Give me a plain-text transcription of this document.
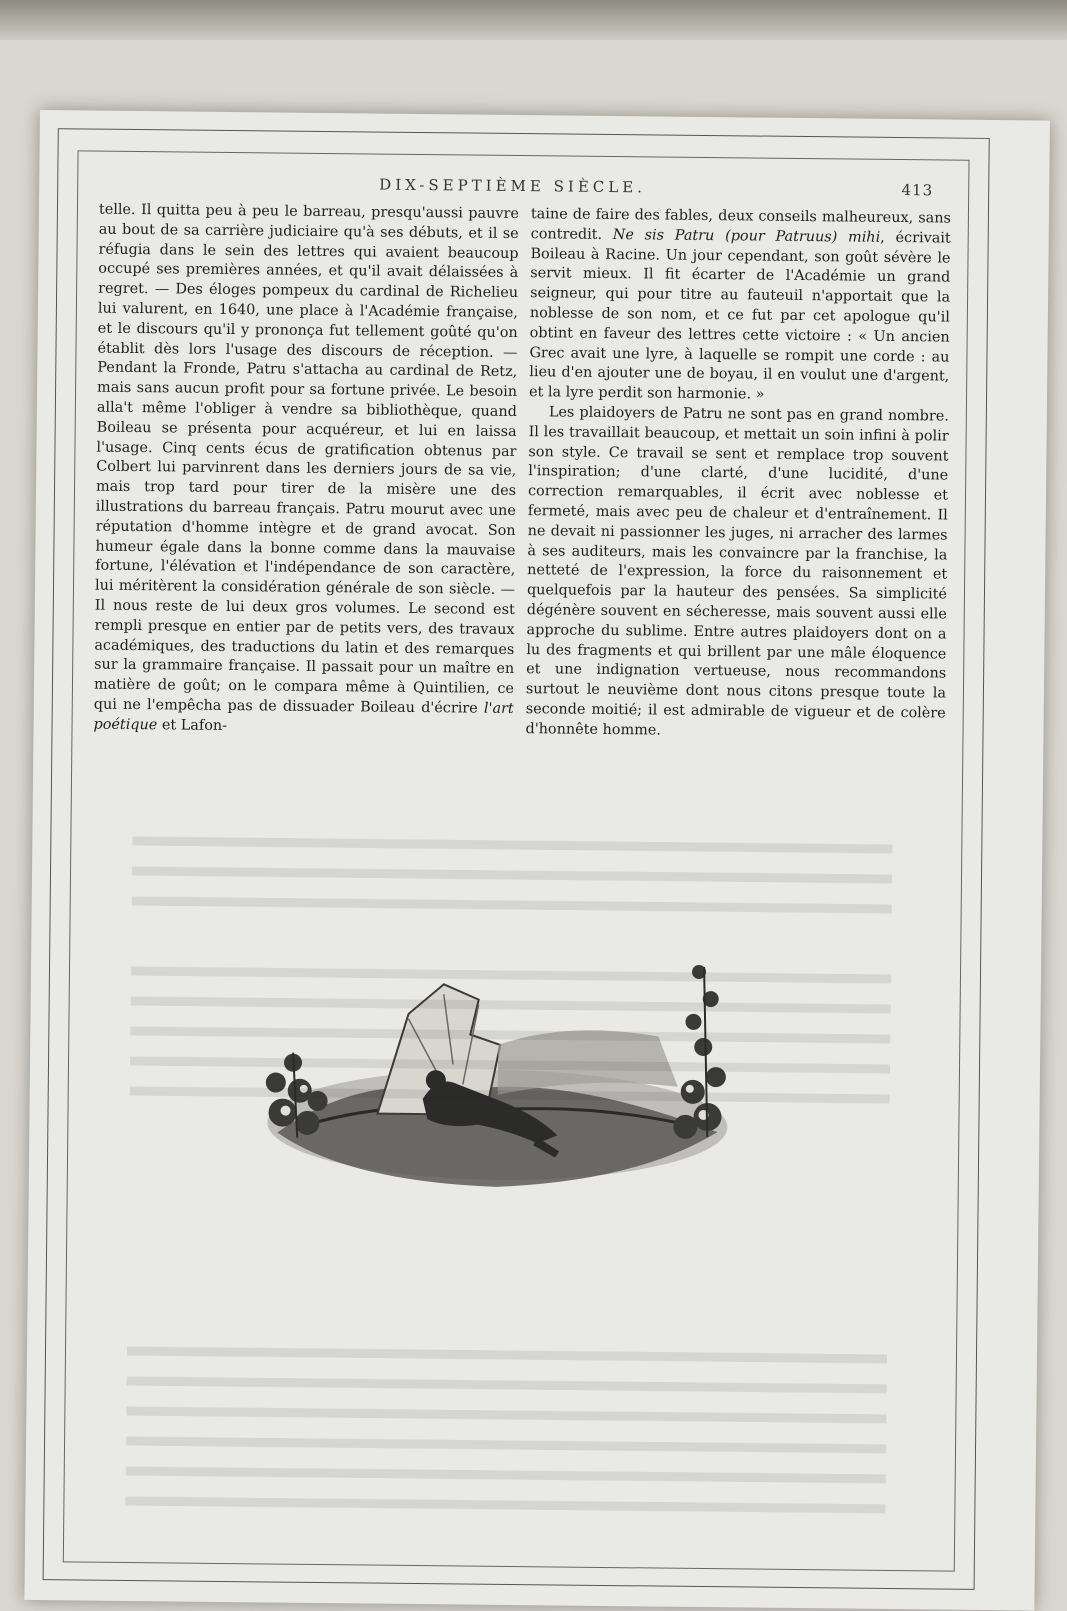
DIX-SEPTIÈME SIÈCLE.	413

telle. Il quitta peu à peu le barreau, presqu'aussi pauvre au bout de sa carrière judiciaire qu'à ses débuts, et il se réfugia dans le sein des lettres qui avaient beaucoup occupé ses premières années, et qu'il avait délaissées à regret. — Des éloges pompeux du cardinal de Richelieu lui valurent, en 1640, une place à l'Académie française, et le discours qu'il y prononça fut tellement goûté qu'on établit dès lors l'usage des discours de réception. — Pendant la Fronde, Patru s'attacha au cardinal de Retz, mais sans aucun profit pour sa fortune privée. Le besoin alla't même l'obliger à vendre sa bibliothèque, quand Boileau se présenta pour acquéreur, et lui en laissa l'usage. Cinq cents écus de gratification obtenus par Colbert lui parvinrent dans les derniers jours de sa vie, mais trop tard pour tirer de la misère une des illustrations du barreau français. Patru mourut avec une réputation d'homme intègre et de grand avocat. Son humeur égale dans la bonne comme dans la mauvaise fortune, l'élévation et l'indépendance de son caractère, lui méritèrent la considération générale de son siècle. — Il nous reste de lui deux gros volumes. Le second est rempli presque en entier par de petits vers, des travaux académiques, des traductions du latin et des remarques sur la grammaire française. Il passait pour un maître en matière de goût; on le compara même à Quintilien, ce qui ne l'empêcha pas de dissuader Boileau d'écrire l'art poétique et Lafon-

taine de faire des fables, deux conseils malheureux, sans contredit. Ne sis Patru (pour Patruus) mihi, écrivait Boileau à Racine. Un jour cependant, son goût sévère le servit mieux. Il fit écarter de l'Académie un grand seigneur, qui pour titre au fauteuil n'apportait que la noblesse de son nom, et ce fut par cet apologue qu'il obtint en faveur des lettres cette victoire : « Un ancien Grec avait une lyre, à laquelle se rompit une corde : au lieu d'en ajouter une de boyau, il en voulut une d'argent, et la lyre perdit son harmonie. »

Les plaidoyers de Patru ne sont pas en grand nombre. Il les travaillait beaucoup, et mettait un soin infini à polir son style. Ce travail se sent et remplace trop souvent l'inspiration; d'une clarté, d'une lucidité, d'une correction remarquables, il écrit avec noblesse et fermeté, mais avec peu de chaleur et d'entraînement. Il ne devait ni passionner les juges, ni arracher des larmes à ses auditeurs, mais les convaincre par la franchise, la netteté de l'expression, la force du raisonnement et quelquefois par la hauteur des pensées. Sa simplicité dégénère souvent en sécheresse, mais souvent aussi elle approche du sublime. Entre autres plaidoyers dont on a lu des fragments et qui brillent par une mâle éloquence et une indignation vertueuse, nous recommandons surtout le neuvième dont nous citons presque toute la seconde moitié; il est admirable de vigueur et de colère d'honnête homme.
